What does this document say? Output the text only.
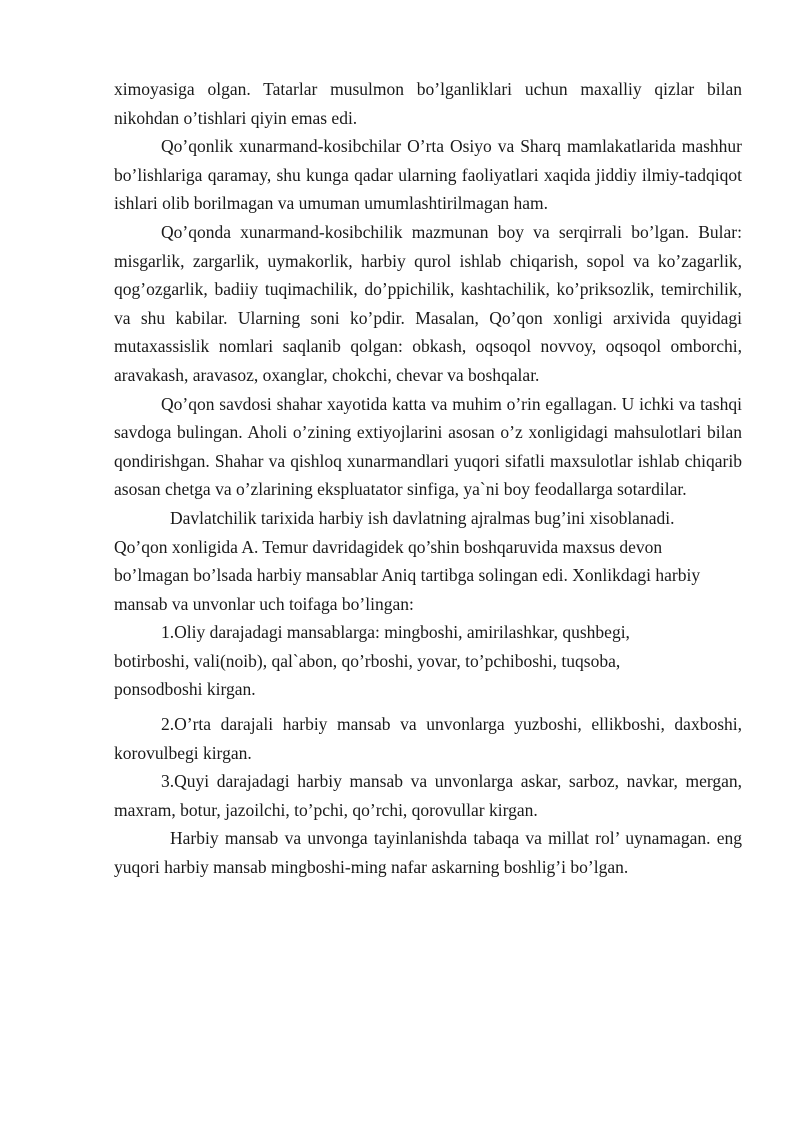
ximoyasiga olgan. Tatarlar musulmon bo’lganliklari uchun maxalliy qizlar bilan nikohdan o’tishlari qiyin emas edi.

Qo’qonlik xunarmand-kosibchilar O’rta Osiyo va Sharq mamlakatlarida mashhur bo’lishlariga qaramay, shu kunga qadar ularning faoliyatlari xaqida jiddiy ilmiy-tadqiqot ishlari olib borilmagan va umuman umumlashtirilmagan ham.

Qo’qonda xunarmand-kosibchilik mazmunan boy va serqirrali bo’lgan. Bular: misgarlik, zargarlik, uymakorlik, harbiy qurol ishlab chiqarish, sopol va ko’zagarlik, qog’ozgarlik, badiiy tuqimachilik, do’ppichilik, kashtachilik, ko’priksozlik, temirchilik, va shu kabilar. Ularning soni ko’pdir. Masalan, Qo’qon xonligi arxivida quyidagi mutaxassislik nomlari saqlanib qolgan: obkash, oqsoqol novvoy, oqsoqol omborchi, aravakash, aravasoz, oxanglar, chokchi, chevar va boshqalar.

Qo’qon savdosi shahar xayotida katta va muhim o’rin egallagan. U ichki va tashqi savdoga bulingan. Aholi o’zining extiyojlarini asosan o’z xonligidagi mahsulotlari bilan qondirishgan. Shahar va qishloq xunarmandlari yuqori sifatli maxsulotlar ishlab chiqarib asosan chetga va o’zlarining ekspluatator sinfiga, ya`ni boy feodallarga sotardilar.

Davlatchilik tarixida harbiy ish davlatning ajralmas bug’ini xisoblanadi. Qo’qon xonligida A. Temur davridagidek qo’shin boshqaruvida maxsus devon bo’lmagan bo’lsada harbiy mansablar Aniq tartibga solingan edi. Xonlikdagi harbiy mansab va unvonlar uch toifaga bo’lingan:

1.Oliy darajadagi mansablarga: mingboshi, amirilashkar, qushbegi, botirboshi, vali(noib), qal`abon, qo’rboshi, yovar, to’pchiboshi, tuqsoba, ponsodboshi kirgan.

2.O’rta darajali harbiy mansab va unvonlarga yuzboshi, ellikboshi, daxboshi, korovulbegi kirgan.

3.Quyi darajadagi harbiy mansab va unvonlarga askar, sarboz, navkar, mergan, maxram, botur, jazoilchi, to’pchi, qo’rchi, qorovullar kirgan.

Harbiy mansab va unvonga tayinlanishda tabaqa va millat rol’ uynamagan. eng yuqori harbiy mansab mingboshi-ming nafar askarning boshlig’i bo’lgan.
